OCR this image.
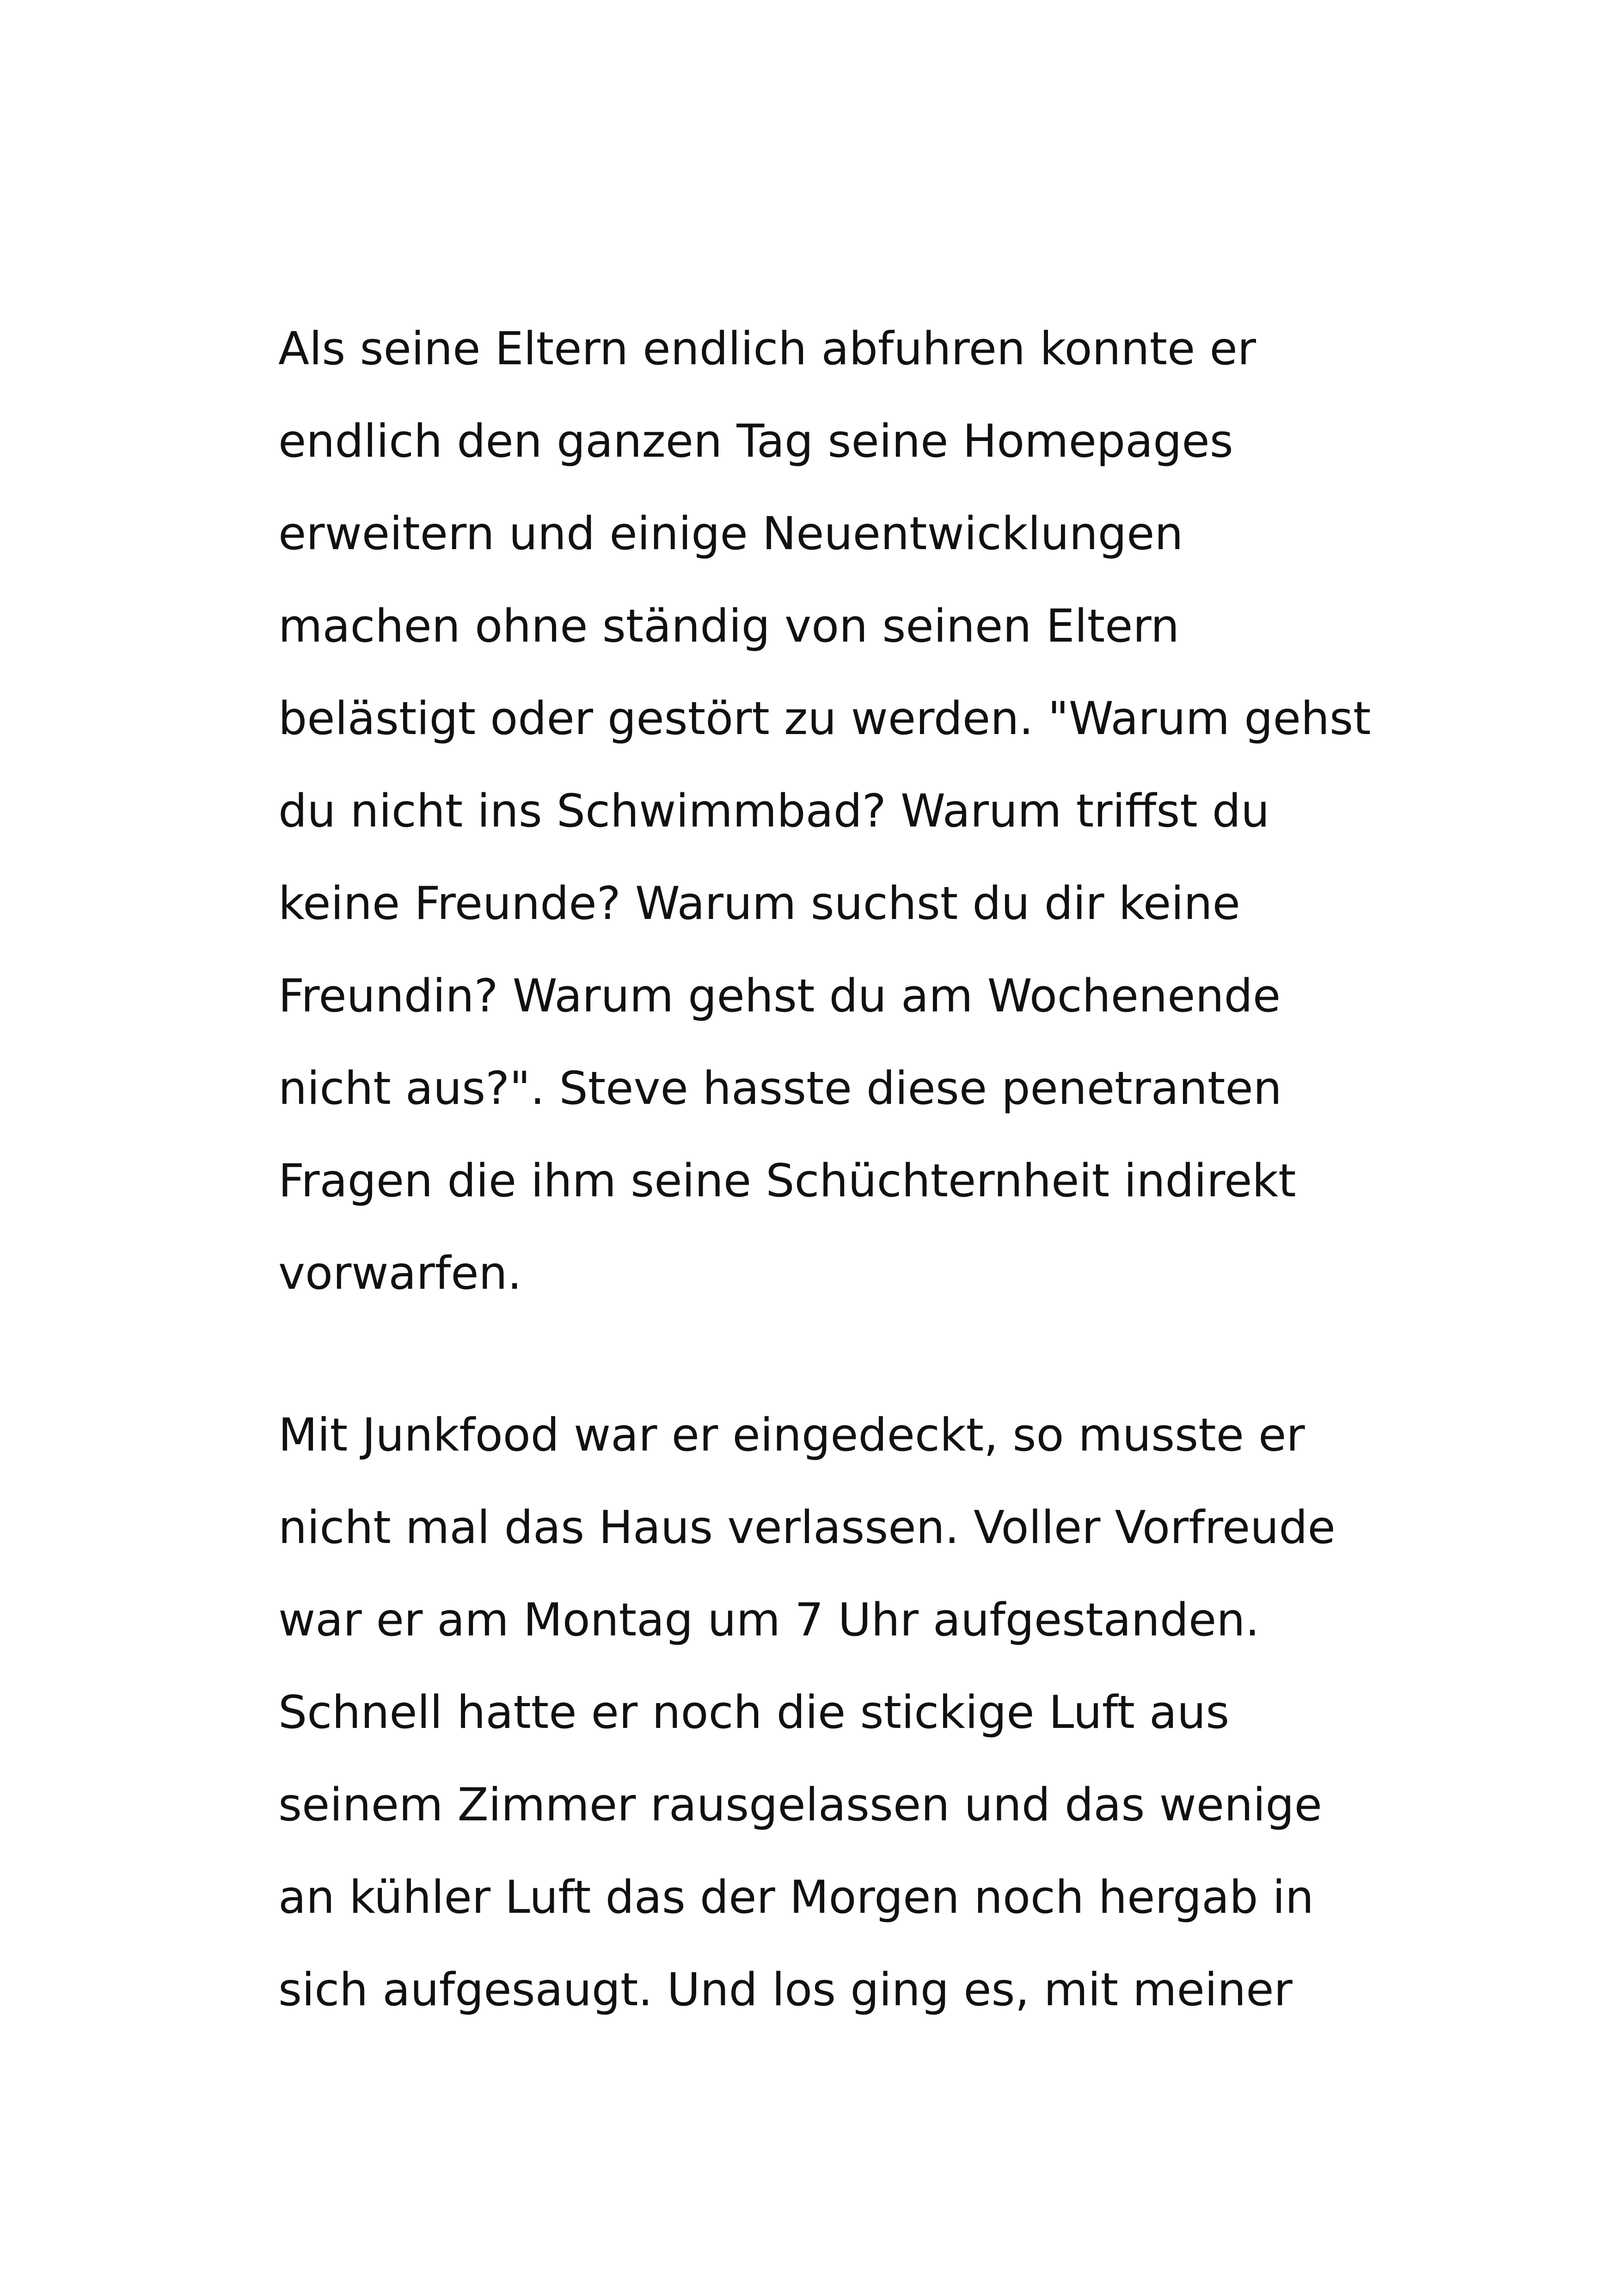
Als seine Eltern endlich abfuhren konnte er

endlich den ganzen Tag seine Homepages

erweitern und einige Neuentwicklungen

machen ohne ständig von seinen Eltern

belästigt oder gestört zu werden. "Warum gehst

du nicht ins Schwimmbad? Warum triffst du

keine Freunde? Warum suchst du dir keine

Freundin? Warum gehst du am Wochenende

nicht aus?". Steve hasste diese penetranten

Fragen die ihm seine Schüchternheit indirekt

vorwarfen.

Mit Junkfood war er eingedeckt, so musste er

nicht mal das Haus verlassen. Voller Vorfreude

war er am Montag um 7 Uhr aufgestanden.

Schnell hatte er noch die stickige Luft aus

seinem Zimmer rausgelassen und das wenige

an kühler Luft das der Morgen noch hergab in

sich aufgesaugt. Und los ging es, mit meiner
